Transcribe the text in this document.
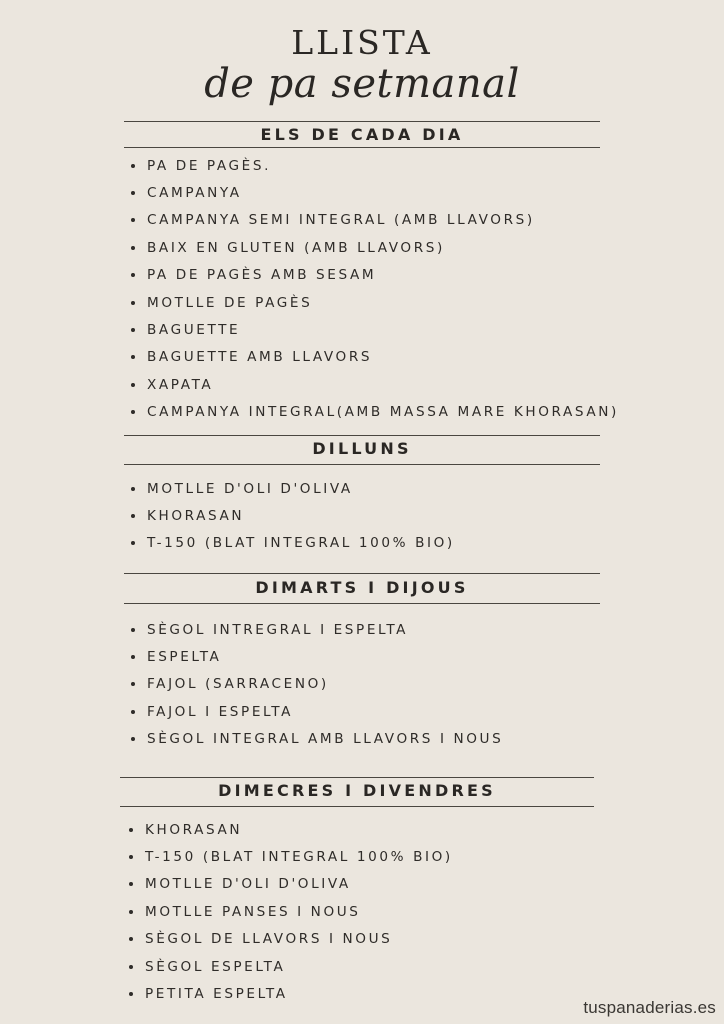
LLISTA
de pa setmanal
ELS DE CADA DIA
PA DE PAGÈS.
CAMPANYA
CAMPANYA SEMI INTEGRAL (AMB LLAVORS)
BAIX EN GLUTEN (AMB LLAVORS)
PA DE PAGÈS AMB SESAM
MOTLLE DE PAGÈS
BAGUETTE
BAGUETTE AMB LLAVORS
XAPATA
CAMPANYA INTEGRAL(AMB MASSA MARE KHORASAN)
DILLUNS
MOTLLE D'OLI D'OLIVA
KHORASAN
T-150 (BLAT INTEGRAL 100% BIO)
DIMARTS I DIJOUS
SÈGOL INTREGRAL I ESPELTA
ESPELTA
FAJOL (SARRACENO)
FAJOL I ESPELTA
SÈGOL INTEGRAL AMB LLAVORS I NOUS
DIMECRES I DIVENDRES
KHORASAN
T-150 (BLAT INTEGRAL 100% BIO)
MOTLLE D'OLI D'OLIVA
MOTLLE PANSES I NOUS
SÈGOL DE LLAVORS I NOUS
SÈGOL ESPELTA
PETITA ESPELTA
tuspanaderias.es
